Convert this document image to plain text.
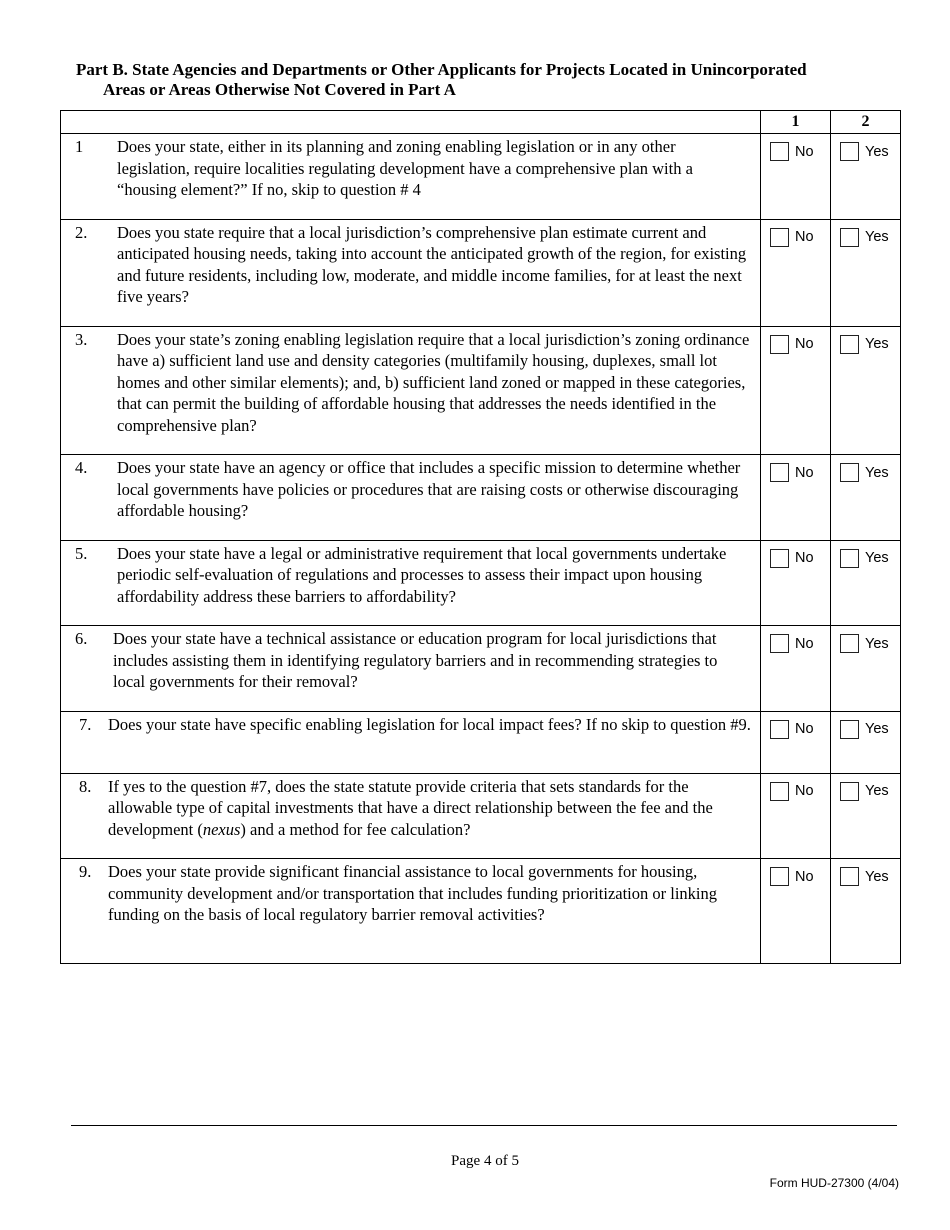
Part B. State Agencies and Departments or Other Applicants for Projects Located in Unincorporated
Areas or Areas Otherwise Not Covered in Part A
	1	2

1 Does your state, either in its planning and zoning enabling legislation or in any other legislation, require localities regulating development have a comprehensive plan with a “housing element?” If no, skip to question # 4	No	Yes

2. Does you state require that a local jurisdiction’s comprehensive plan estimate current and anticipated housing needs, taking into account the anticipated growth of the region, for existing and future residents, including low, moderate, and middle income families, for at least the next five years?	No	Yes

3. Does your state’s zoning enabling legislation require that a local jurisdiction’s zoning ordinance have a) sufficient land use and density categories (multifamily housing, duplexes, small lot homes and other similar elements); and, b) sufficient land zoned or mapped in these categories, that can permit the building of affordable housing that addresses the needs identified in the comprehensive plan?	No	Yes

4. Does your state have an agency or office that includes a specific mission to determine whether local governments have policies or procedures that are raising costs or otherwise discouraging affordable housing?	No	Yes

5. Does your state have a legal or administrative requirement that local governments undertake periodic self-evaluation of regulations and processes to assess their impact upon housing affordability address these barriers to affordability?	No	Yes

6. Does your state have a technical assistance or education program for local jurisdictions that includes assisting them in identifying regulatory barriers and in recommending strategies to local governments for their removal?	No	Yes

7. Does your state have specific enabling legislation for local impact fees? If no skip to question #9.	No	Yes

8. If yes to the question #7, does the state statute provide criteria that sets standards for the allowable type of capital investments that have a direct relationship between the fee and the development (nexus) and a method for fee calculation?	No	Yes

9. Does your state provide significant financial assistance to local governments for housing, community development and/or transportation that includes funding prioritization or linking funding on the basis of local regulatory barrier removal activities?	No	Yes
Page 4 of 5
Form HUD-27300 (4/04)
